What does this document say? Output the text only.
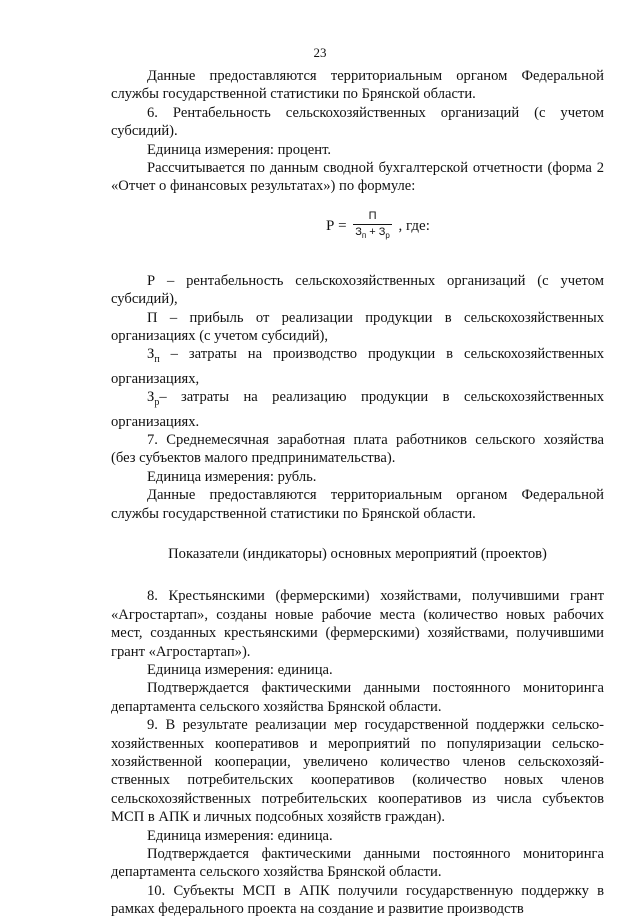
23

Данные предоставляются территориальным органом Федеральной службы государственной статистики по Брянской области.

6. Рентабельность сельскохозяйственных организаций (с учетом субсидий).

Единица измерения: процент.

Рассчитывается по данным сводной бухгалтерской отчетности (форма 2 «Отчет о финансовых результатах») по формуле:

$Р = \frac{П}{З_п + З_р}$ , где:

Р – рентабельность сельскохозяйственных организаций (с учетом субсидий),

П – прибыль от реализации продукции в сельскохозяйственных организациях (с учетом субсидий),

$З_п$ – затраты на производство продукции в сельскохозяйственных организациях,

$З_р-$ затраты на реализацию продукции в сельскохозяйственных организациях.

7. Среднемесячная заработная плата работников сельского хозяйства (без субъектов малого предпринимательства).

Единица измерения: рубль.

Данные предоставляются территориальным органом Федеральной службы государственной статистики по Брянской области.

Показатели (индикаторы) основных мероприятий (проектов)

8. Крестьянскими (фермерскими) хозяйствами, получившими грант «Агростартап», созданы новые рабочие места (количество новых рабочих мест, созданных крестьянскими (фермерскими) хозяйствами, получившими грант «Агростартап»).

Единица измерения: единица.

Подтверждается фактическими данными постоянного мониторинга департамента сельского хозяйства Брянской области.

9. В результате реализации мер государственной поддержки сельско-хозяйственных кооперативов и мероприятий по популяризации сельско-хозяйственной кооперации, увеличено количество членов сельскохозяй-ственных потребительских кооперативов (количество новых членов сельскохозяйственных потребительских кооперативов из числа субъектов МСП в АПК и личных подсобных хозяйств граждан).

Единица измерения: единица.

Подтверждается фактическими данными постоянного мониторинга департамента сельского хозяйства Брянской области.

10. Субъекты МСП в АПК получили государственную поддержку в рамках федерального проекта на создание и развитие производств
